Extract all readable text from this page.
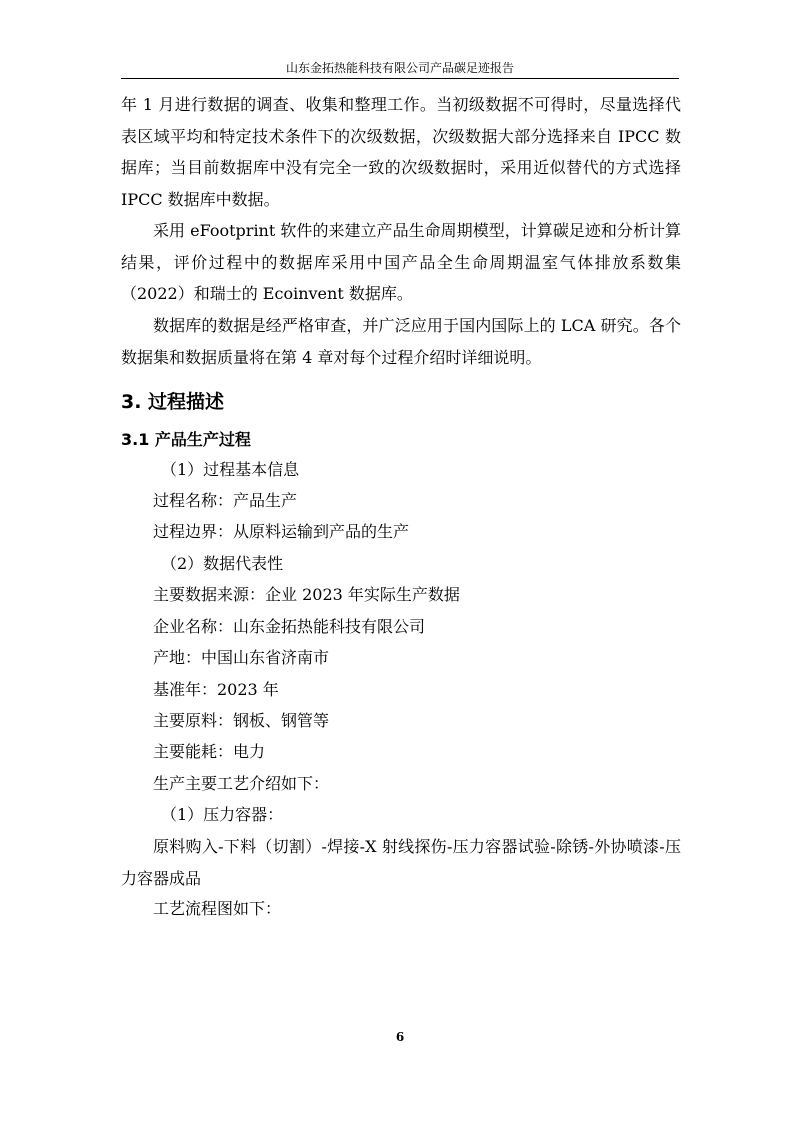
山东金拓热能科技有限公司产品碳足迹报告

年 1 月进行数据的调查、收集和整理工作。当初级数据不可得时，尽量选择代表区域平均和特定技术条件下的次级数据，次级数据大部分选择来自 IPCC 数据库；当目前数据库中没有完全一致的次级数据时，采用近似替代的方式选择 IPCC 数据库中数据。

采用 eFootprint 软件的来建立产品生命周期模型，计算碳足迹和分析计算结果，评价过程中的数据库采用中国产品全生命周期温室气体排放系数集（2022）和瑞士的 Ecoinvent 数据库。

数据库的数据是经严格审查，并广泛应用于国内国际上的 LCA 研究。各个数据集和数据质量将在第 4 章对每个过程介绍时详细说明。

3. 过程描述
3.1 产品生产过程

（1）过程基本信息

过程名称：产品生产

过程边界：从原料运输到产品的生产

（2）数据代表性

主要数据来源：企业 2023 年实际生产数据

企业名称：山东金拓热能科技有限公司

产地：中国山东省济南市

基准年：2023 年

主要原料：钢板、钢管等

主要能耗：电力

生产主要工艺介绍如下：

（1）压力容器：

原料购入-下料（切割）-焊接-X 射线探伤-压力容器试验-除锈-外协喷漆-压力容器成品

工艺流程图如下：

6
